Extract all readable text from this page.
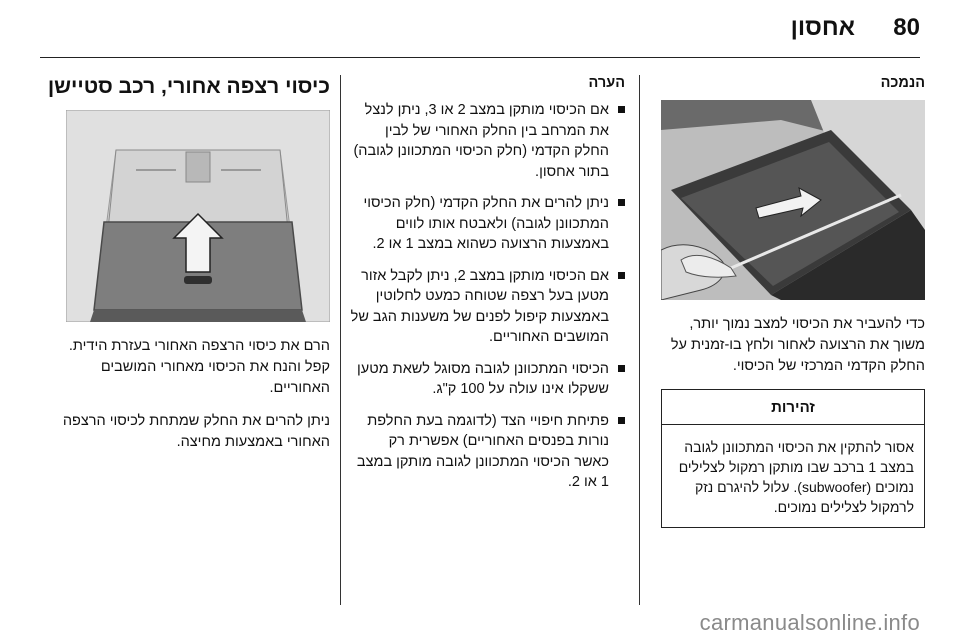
80
אחסון
הנמכה
כדי להעביר את הכיסוי למצב נמוך יותר, משוך את הרצועה לאחור ולחץ בו-זמנית על החלק הקדמי המרכזי של הכיסוי.
זהירות
אסור להתקין את הכיסוי המתכוונן לגובה במצב 1 ברכב שבו מותקן רמקול לצלילים נמוכים (subwoofer). עלול להיגרם נזק לרמקול לצלילים נמוכים.
הערה
אם הכיסוי מותקן במצב 2 או 3, ניתן לנצל את המרחב בין החלק האחורי של לבין החלק הקדמי (חלק הכיסוי המתכוונן לגובה) בתור אחסון.
ניתן להרים את החלק הקדמי (חלק הכיסוי המתכוונן לגובה) ולאבטח אותו לווים באמצעות הרצועה כשהוא במצב 1 או 2.
אם הכיסוי מותקן במצב 2, ניתן לקבל אזור מטען בעל רצפה שטוחה כמעט לחלוטין באמצעות קיפול לפנים של משענות הגב של המושבים האחוריים.
הכיסוי המתכוונן לגובה מסוגל לשאת מטען ששקלו אינו עולה על 100 ק"ג.
פתיחת חיפויי הצד (לדוגמה בעת החלפת נורות בפנסים האחוריים) אפשרית רק כאשר הכיסוי המתכוונן לגובה מותקן במצב 1 או 2.
כיסוי רצפה אחורי, רכב סטיישן
הרם את כיסוי הרצפה האחורי בעזרת הידית. קפל והנח את הכיסוי מאחורי המושבים האחוריים.
ניתן להרים את החלק שמתחת לכיסוי הרצפה האחורי באמצעות מחיצה.
carmanualsonline.info
